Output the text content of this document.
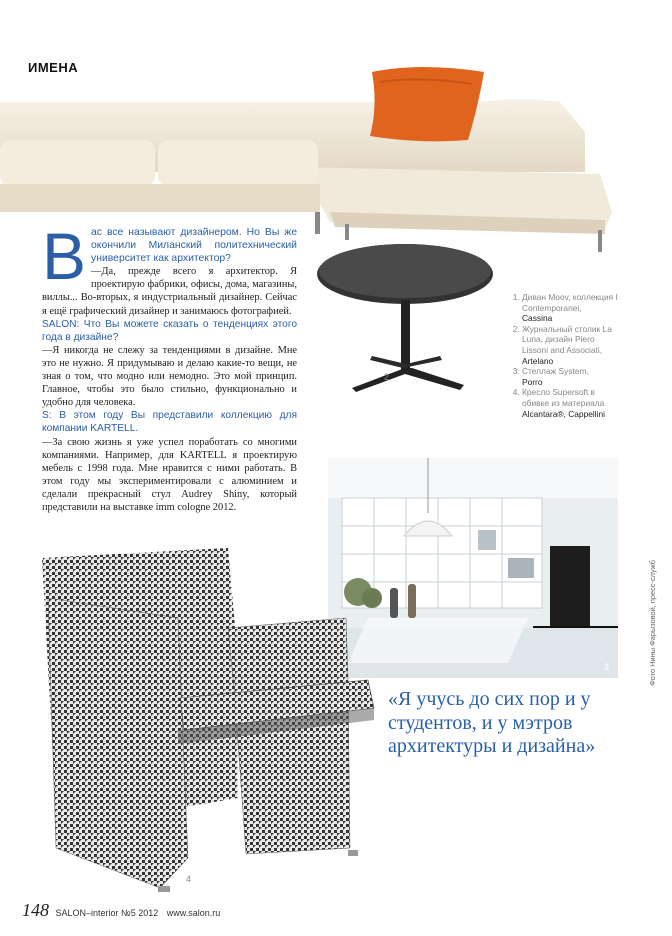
ИМЕНА

В ас все называют дизайнером. Но Вы же окончили Миланский политехнический университет как архитектор?

—Да, прежде всего я архитектор. Я проектирую фабрики, офисы, дома, магазины, виллы... Во-вторых, я индустриальный дизайнер. Сейчас я ещё графический дизайнер и занимаюсь фотографией.

SALON: Что Вы можете сказать о тенденциях этого года в дизайне?

—Я никогда не слежу за тенденциями в дизайне. Мне это не нужно. Я придумываю и делаю какие-то вещи, не зная о том, что модно или немодно. Это мой принцип. Главное, чтобы это было стильно, функционально и удобно для человека.

S: В этом году Вы представили коллекцию для компании KARTELL.

—За свою жизнь я уже успел поработать со многими компаниями. Например, для KARTELL я проектирую мебель с 1998 года. Мне нравится с ними работать. В этом году мы экспериментировали с алюминием и сделали прекрасный стул Audrey Shiny, который представили на выставке imm cologne 2012.

2
1. Диван Moov, коллекция I Contemporanei,
Cassina
2. Журнальный столик La Luna, дизайн Piero Lissoni and Associati,
Artelano
3. Стеллаж System,
Porro
4. Кресло Supersoft в обивке из материала
Alcantara®, Cappellini
3
4
Фото Нины Фарызовой, пресс-служб
«Я учусь до сих пор и у студентов, и у мэтров архитектуры и дизайна»
148 SALON–interior №5 2012 www.salon.ru
